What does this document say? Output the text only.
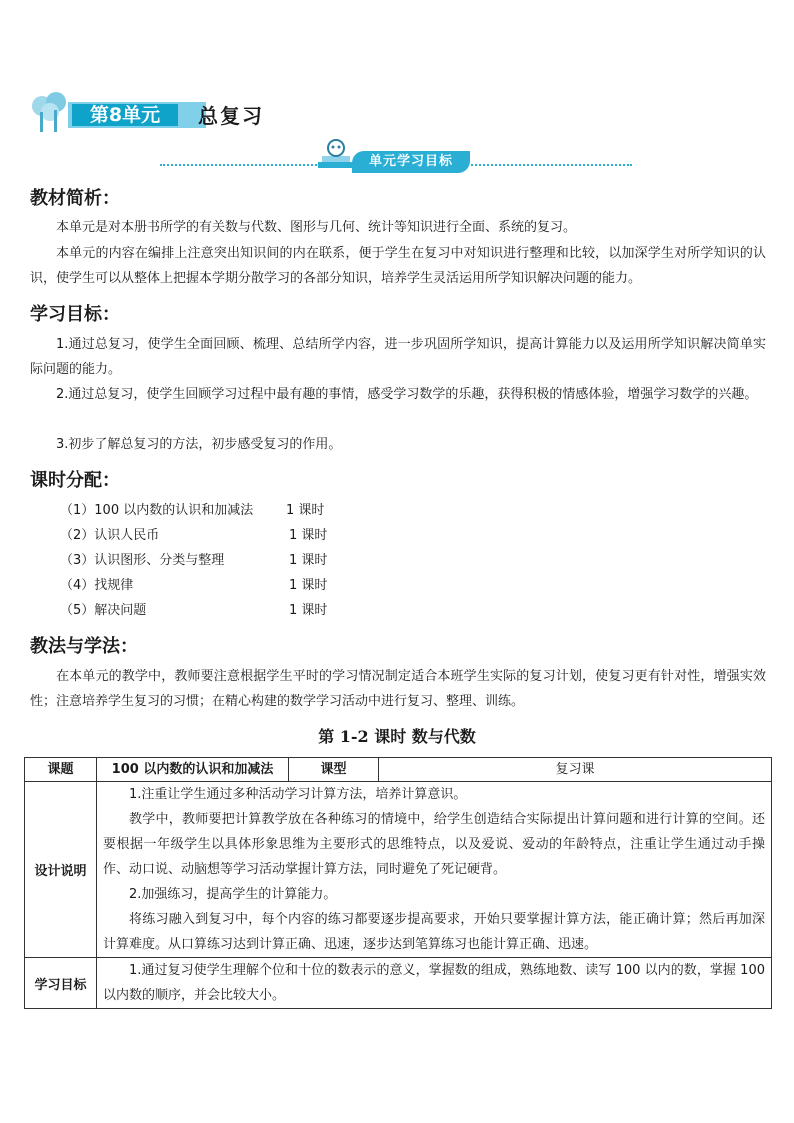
第8单元	总复习
单元学习目标
教材简析：

本单元是对本册书所学的有关数与代数、图形与几何、统计等知识进行全面、系统的复习。

本单元的内容在编排上注意突出知识间的内在联系，便于学生在复习中对知识进行整理和比较，以加深学生对所学知识的认识，使学生可以从整体上把握本学期分散学习的各部分知识，培养学生灵活运用所学知识解决问题的能力。

学习目标：

1.通过总复习，使学生全面回顾、梳理、总结所学内容，进一步巩固所学知识，提高计算能力以及运用所学知识解决简单实际问题的能力。

2.通过总复习，使学生回顾学习过程中最有趣的事情，感受学习数学的乐趣，获得积极的情感体验，增强学习数学的兴趣。

3.初步了解总复习的方法，初步感受复习的作用。

课时分配：
（1）100 以内数的认识和加减法	1 课时
（2）认识人民币	1 课时
（3）认识图形、分类与整理	1 课时
（4）找规律	1 课时
（5）解决问题	1 课时
教法与学法：

在本单元的教学中，教师要注意根据学生平时的学习情况制定适合本班学生实际的复习计划，使复习更有针对性，增强实效性；注意培养学生复习的习惯；在精心构建的数学学习活动中进行复习、整理、训练。

第 1-2 课时 数与代数
课题	100 以内数的认识和加减法	课型	复习课
设计说明	1.注重让学生通过多种活动学习计算方法，培养计算意识。

教学中，教师要把计算教学放在各种练习的情境中，给学生创造结合实际提出计算问题和进行计算的空间。还要根据一年级学生以具体形象思维为主要形式的思维特点，以及爱说、爱动的年龄特点，注重让学生通过动手操作、动口说、动脑想等学习活动掌握计算方法，同时避免了死记硬背。

2.加强练习，提高学生的计算能力。

将练习融入到复习中，每个内容的练习都要逐步提高要求，开始只要掌握计算方法，能正确计算；然后再加深计算难度。从口算练习达到计算正确、迅速，逐步达到笔算练习也能计算正确、迅速。		

学习目标	1.通过复习使学生理解个位和十位的数表示的意义，掌握数的组成，熟练地数、读写 100 以内的数，掌握 100 以内数的顺序，并会比较大小。		
